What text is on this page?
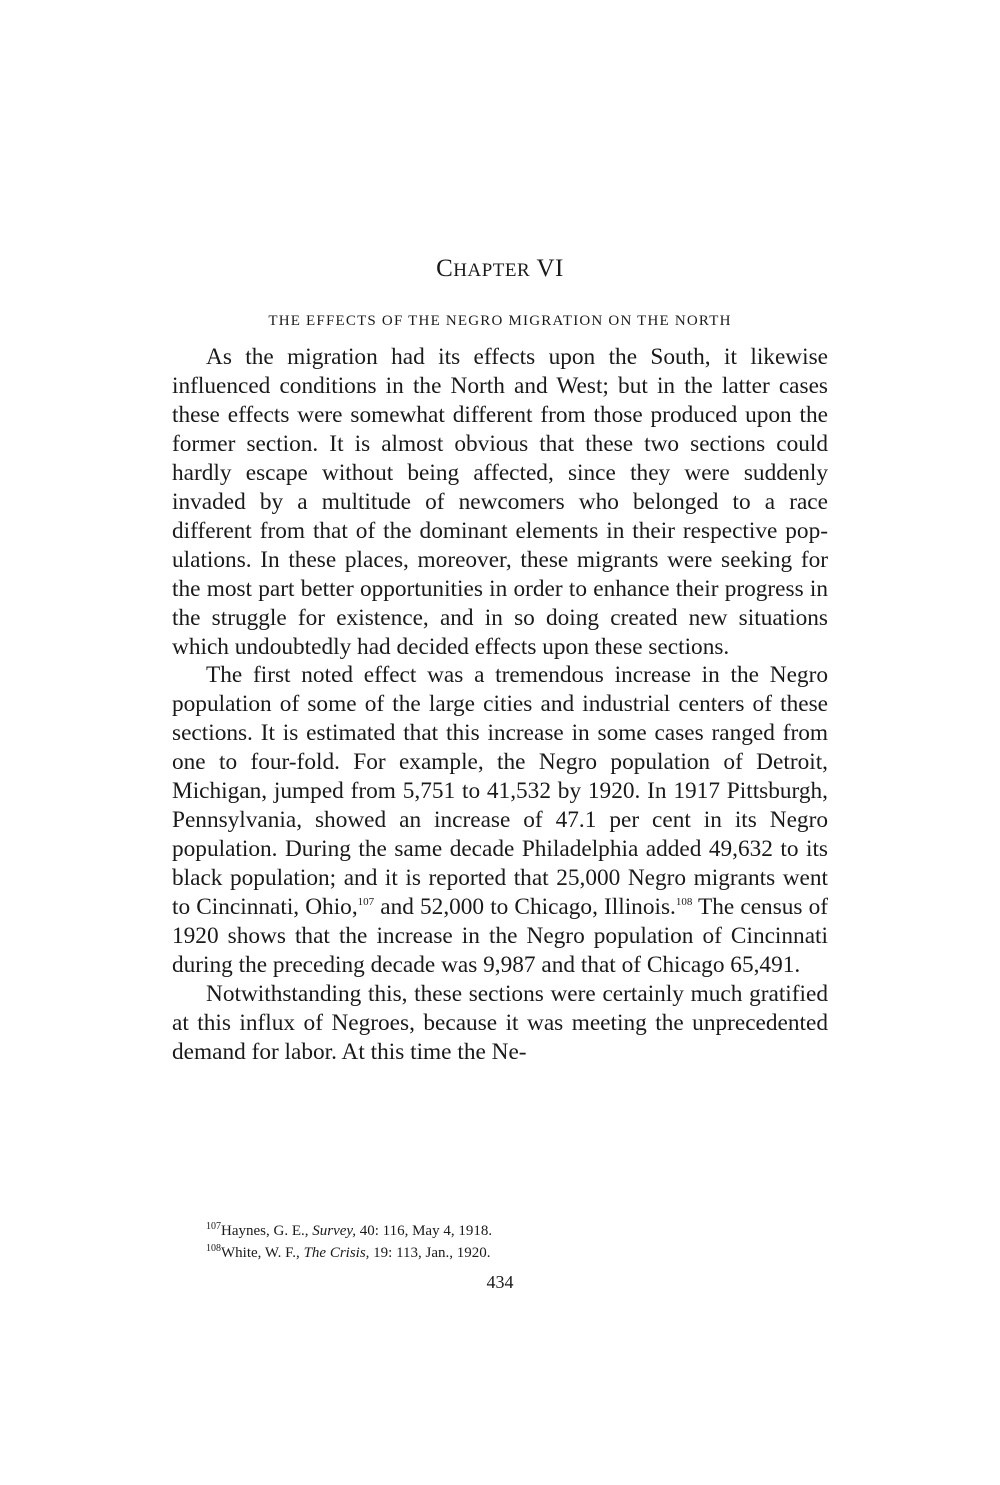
CHAPTER VI
THE EFFECTS OF THE NEGRO MIGRATION ON THE NORTH

As the migration had its effects upon the South, it likewise influenced conditions in the North and West; but in the latter cases these effects were somewhat different from those produced upon the former section. It is almost obvious that these two sections could hardly escape without being affected, since they were suddenly invaded by a multitude of newcomers who belonged to a race different from that of the dominant elements in their respective populations. In these places, moreover, these migrants were seeking for the most part better opportunities in order to enhance their progress in the struggle for existence, and in so doing created new situations which undoubtedly had decided effects upon these sections.

The first noted effect was a tremendous increase in the Negro population of some of the large cities and industrial centers of these sections. It is estimated that this increase in some cases ranged from one to four-fold. For example, the Negro population of Detroit, Michigan, jumped from 5,751 to 41,532 by 1920. In 1917 Pittsburgh, Pennsylvania, showed an increase of 47.1 per cent in its Negro population. During the same decade Philadelphia added 49,632 to its black population; and it is reported that 25,000 Negro migrants went to Cincinnati, Ohio,$^{107}$ and 52,000 to Chicago, Illinois.$^{108}$ The census of 1920 shows that the increase in the Negro population of Cincinnati during the preceding decade was 9,987 and that of Chicago 65,491.

Notwithstanding this, these sections were certainly much gratified at this influx of Negroes, because it was meeting the unprecedented demand for labor. At this time the Ne-

$^{107}$Haynes, G. E., Survey, 40: 116, May 4, 1918.
$^{108}$White, W. F., The Crisis, 19: 113, Jan., 1920.
434
